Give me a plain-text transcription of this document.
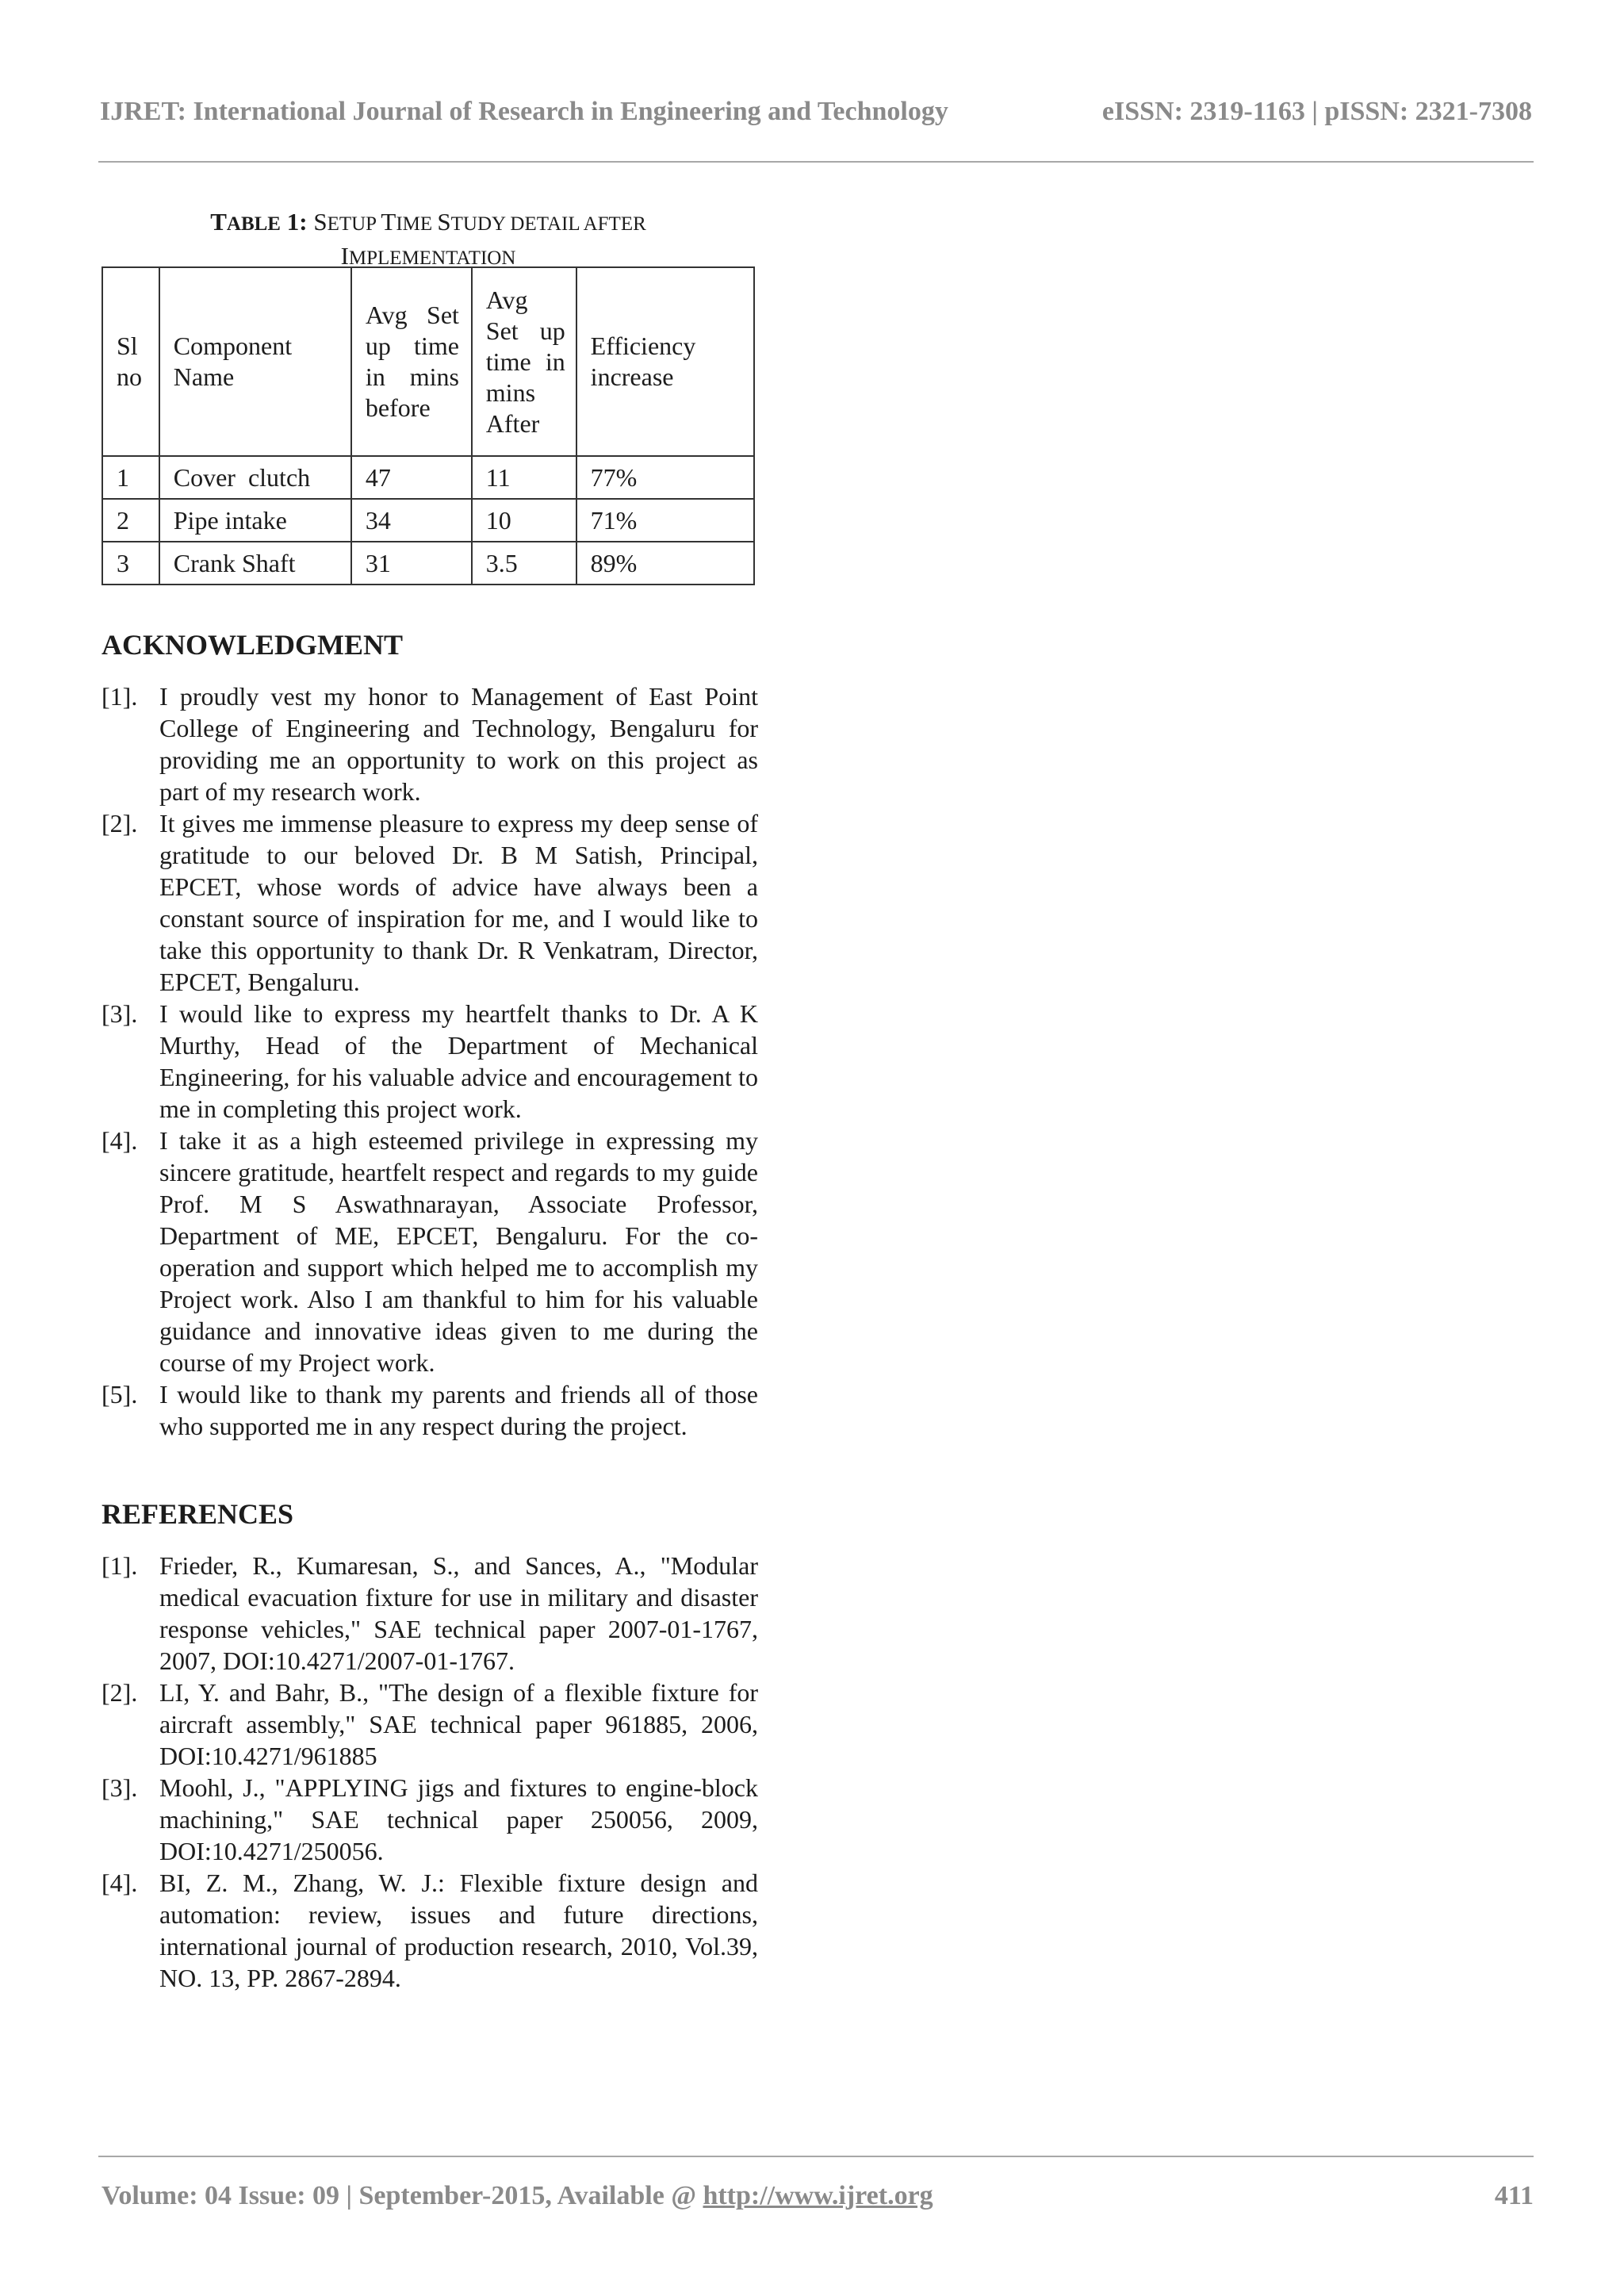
IJRET: International Journal of Research in Engineering and Technology	eISSN: 2319-1163 | pISSN: 2321-7308
TABLE 1: SETUP TIME STUDY DETAIL AFTER
IMPLEMENTATION
Sl no	Component Name	Avg Set up time in mins before	Avg Set up time in mins After	Efficiency increase

1	Cover  clutch	47	11	77%
2	Pipe intake	34	10	71%
3	Crank Shaft	31	3.5	89%
ACKNOWLEDGMENT
[1]. I proudly vest my honor to Management of East Point College of Engineering and Technology, Bengaluru for providing me an opportunity to work on this project as part of my research work.
[2]. It gives me immense pleasure to express my deep sense of gratitude to our beloved Dr. B M Satish, Principal, EPCET, whose words of advice have always been a constant source of inspiration for me, and I would like to take this opportunity to thank Dr. R Venkatram, Director, EPCET, Bengaluru.
[3]. I would like to express my heartfelt thanks to Dr. A K Murthy, Head of the Department of Mechanical Engineering, for his valuable advice and encouragement to me in completing this project work.
[4]. I take it as a high esteemed privilege in expressing my sincere gratitude, heartfelt respect and regards to my guide Prof. M S Aswathnarayan, Associate Professor, Department of ME, EPCET, Bengaluru. For the co-operation and support which helped me to accomplish my Project work. Also I am thankful to him for his valuable guidance and innovative ideas given to me during the course of my Project work.
[5]. I would like to thank my parents and friends all of those who supported me in any respect during the project.
REFERENCES
[1]. Frieder, R., Kumaresan, S., and Sances, A., "Modular medical evacuation fixture for use in military and disaster response vehicles," SAE technical paper 2007-01-1767, 2007, DOI:10.4271/2007-01-1767.
[2]. LI, Y. and Bahr, B., "The design of a flexible fixture for aircraft assembly," SAE technical paper 961885, 2006, DOI:10.4271/961885
[3]. Moohl, J., "APPLYING jigs and fixtures to engine-block machining," SAE technical paper 250056, 2009, DOI:10.4271/250056.
[4]. BI, Z. M., Zhang, W. J.: Flexible fixture design and automation: review, issues and future directions, international journal of production research, 2010, Vol.39, NO. 13, PP. 2867-2894.
Volume: 04 Issue: 09 | September-2015, Available @ http://www.ijret.org	411
